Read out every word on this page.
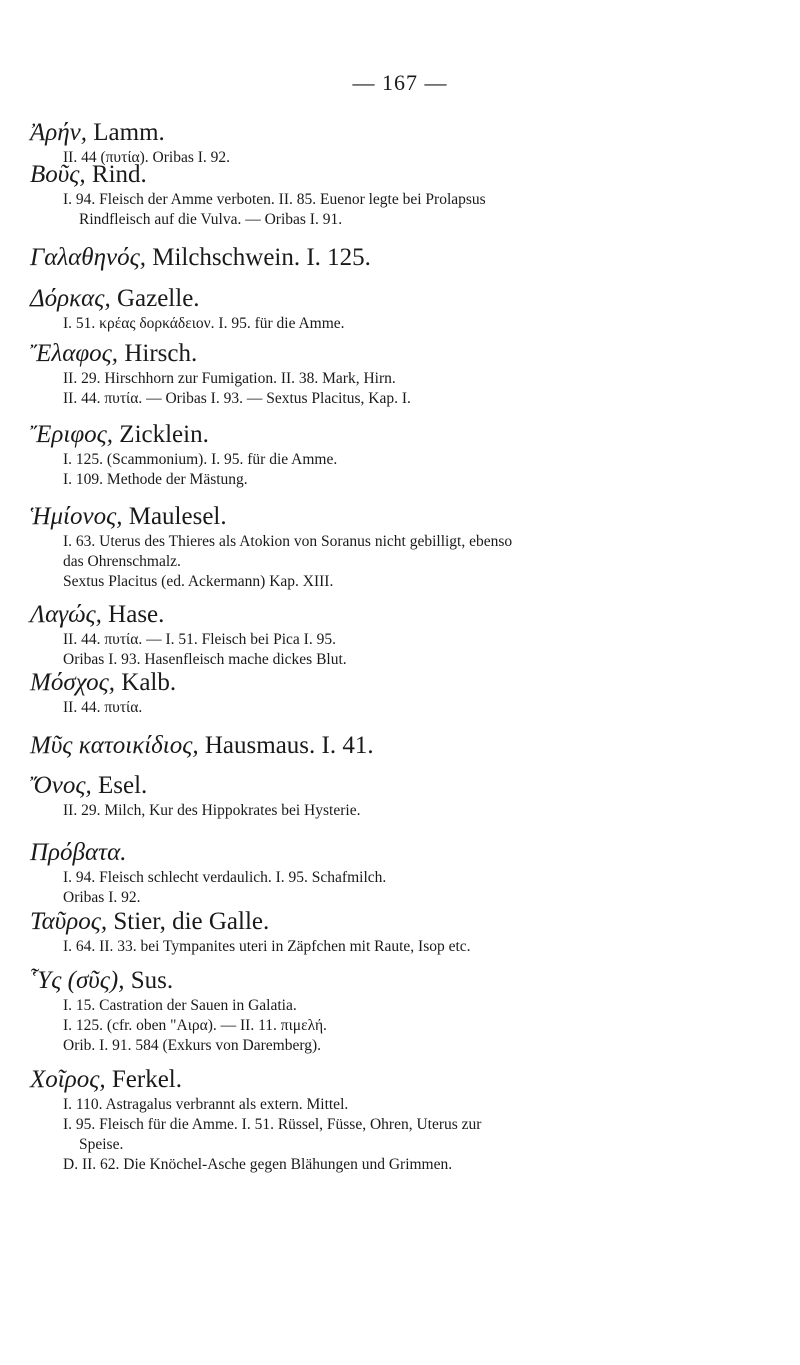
— 167 —
Ἀρήν, Lamm.
II. 44 (πυτία). Oribas I. 92.
Βοῦς, Rind.
I. 94. Fleisch der Amme verboten. II. 85. Euenor legte bei Prolapsus
Rindfleisch auf die Vulva. — Oribas I. 91.
Γαλαθηνός, Milchschwein. I. 125.
Δόρκας, Gazelle.
I. 51. κρέας δορκάδειον. I. 95. für die Amme.
Ἔλαφος, Hirsch.
II. 29. Hirschhorn zur Fumigation. II. 38. Mark, Hirn.
II. 44. πυτία. — Oribas I. 93. — Sextus Placitus, Kap. I.
Ἔριφος, Zicklein.
I. 125. (Scammonium). I. 95. für die Amme.
I. 109. Methode der Mästung.
Ἡμίονος, Maulesel.
I. 63. Uterus des Thieres als Atokion von Soranus nicht gebilligt, ebenso
das Ohrenschmalz.
Sextus Placitus (ed. Ackermann) Kap. XIII.
Λαγώς, Hase.
II. 44. πυτία. — I. 51. Fleisch bei Pica I. 95.
Oribas I. 93. Hasenfleisch mache dickes Blut.
Μόσχος, Kalb.
II. 44. πυτία.
Μῦς κατοικίδιος, Hausmaus. I. 41.
Ὄνος, Esel.
II. 29. Milch, Kur des Hippokrates bei Hysterie.
Πρόβατα.
I. 94. Fleisch schlecht verdaulich. I. 95. Schafmilch.
Oribas I. 92.
Ταῦρος, Stier, die Galle.
I. 64. II. 33. bei Tympanites uteri in Zäpfchen mit Raute, Isop etc.
Ὗς (σῦς), Sus.
I. 15. Castration der Sauen in Galatia.
I. 125. (cfr. oben "Αιρα). — II. 11. πιμελή.
Orib. I. 91. 584 (Exkurs von Daremberg).
Χοῖρος, Ferkel.
I. 110. Astragalus verbrannt als extern. Mittel.
I. 95. Fleisch für die Amme. I. 51. Rüssel, Füsse, Ohren, Uterus zur
Speise.
D. II. 62. Die Knöchel-Asche gegen Blähungen und Grimmen.
